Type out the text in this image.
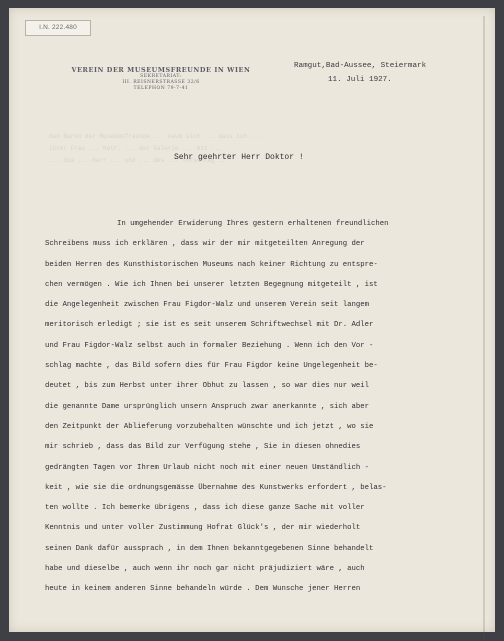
I.N. 222.480
VEREIN DER MUSEUMSFREUNDE IN WIEN
SEKRETARIAT:
III. REISNERSTRASSE 32/6
TELEPHON 79-7-41
Ramgut,Bad-Aussee, Steiermark
11. Juli 1927.
den Baron der Museumsfreunde ... kaum sich ... dass ich ...
ihrer Frau ... betr. ... der Galerie ... mit ...
... die ... Herr ... und ... des ... Vorschlag ...
Sehr geehrter Herr Doktor !
In umgehender Erwiderung Ihres gestern erhaltenen freundlichen
Schreibens muss ich erklären , dass wir der mir mitgeteilten Anregung der
beiden Herren des Kunsthistorischen Museums nach keiner Richtung zu entspre-
chen vermögen . Wie ich Ihnen bei unserer letzten Begegnung mitgeteilt , ist
die Angelegenheit zwischen Frau Figdor-Walz und unserem Verein seit langem
meritorisch erledigt ; sie ist es seit unserem Schriftwechsel mit Dr. Adler
und Frau Figdor-Walz selbst auch in formaler Beziehung . Wenn ich den Vor -
schlag machte , das Bild sofern dies für Frau Figdor keine Ungelegenheit be-
deutet , bis zum Herbst unter ihrer Obhut zu lassen , so war dies nur weil
die genannte Dame ursprünglich unsern Anspruch zwar anerkannte , sich aber
den Zeitpunkt der Ablieferung vorzubehalten wünschte und ich jetzt , wo sie
mir schrieb , dass das Bild zur Verfügung stehe , Sie in diesen ohnedies
gedrängten Tagen vor Ihrem Urlaub nicht noch mit einer neuen Umständlich -
keit , wie sie die ordnungsgemässe Übernahme des Kunstwerks erfordert , belas-
ten wollte . Ich bemerke übrigens , dass ich diese ganze Sache mit voller
Kenntnis und unter voller Zustimmung Hofrat Glück's , der mir wiederholt
seinen Dank dafür aussprach , in dem Ihnen bekanntgegebenen Sinne behandelt
habe und dieselbe , auch wenn ihr noch gar nicht präjudiziert wäre , auch
heute in keinem anderen Sinne behandeln würde . Dem Wunsche jener Herren
